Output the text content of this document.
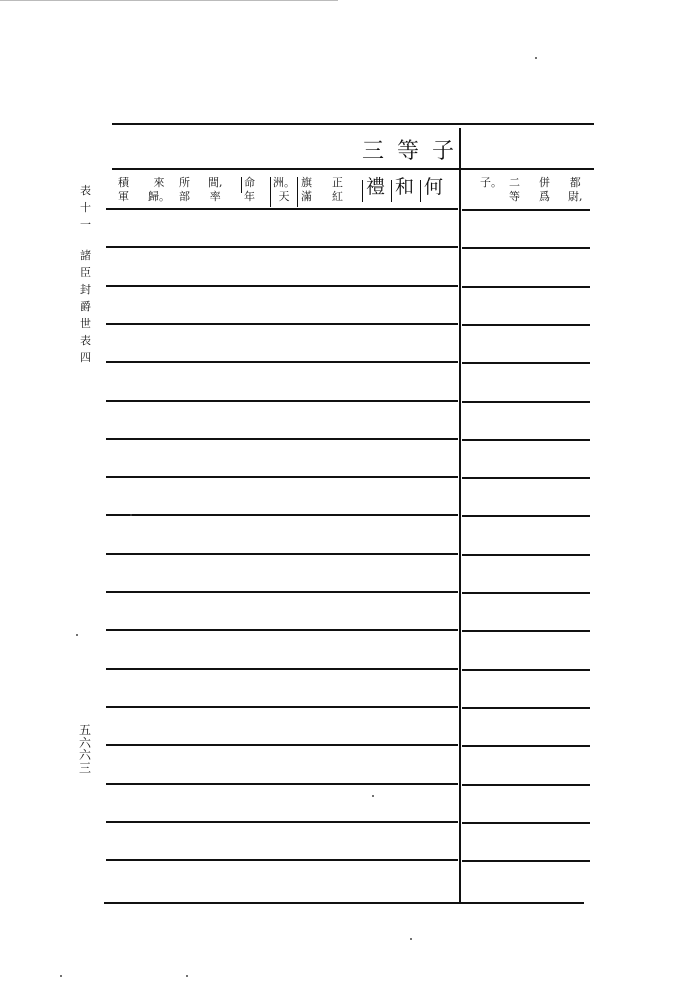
表
十
一
諸
臣
封
爵
世
表
四
五
六
六
三
三等子
何
和
禮
正
紅
旗
滿
洲。
天
命
年
間,
率
所
部
來
歸。
積
軍
都
尉,
併
爲
二
等
子。
